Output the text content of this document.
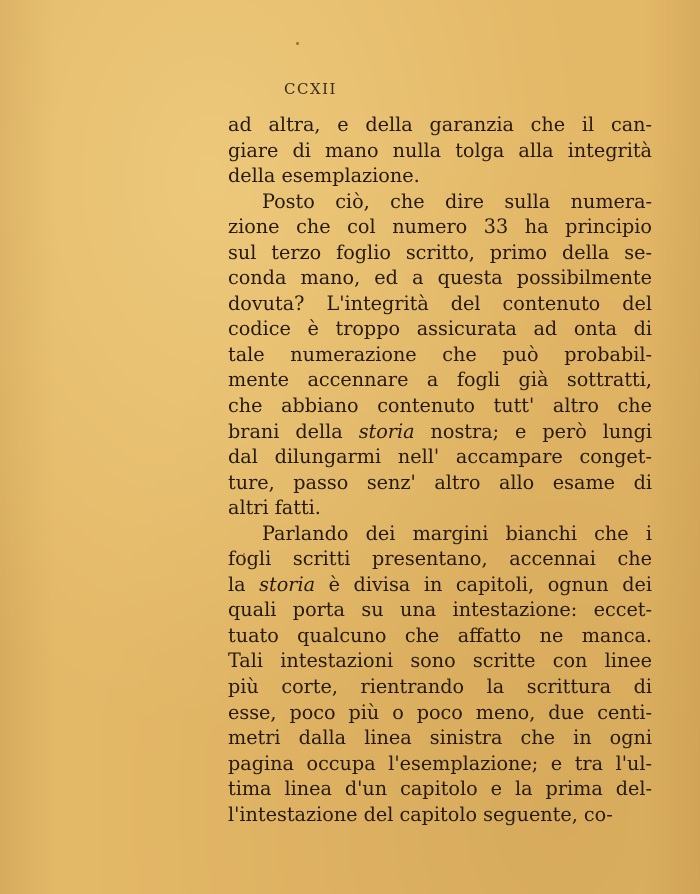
CCXII
ad altra, e della garanzia che il can-
giare di mano nulla tolga alla integrità
della esemplazione.
Posto ciò, che dire sulla numera-
zione che col numero 33 ha principio
sul terzo foglio scritto, primo della se-
conda mano, ed a questa possibilmente
dovuta? L'integrità del contenuto del
codice è troppo assicurata ad onta di
tale numerazione che può probabil-
mente accennare a fogli già sottratti,
che abbiano contenuto tutt' altro che
brani della storia nostra; e però lungi
dal dilungarmi nell' accampare conget-
ture, passo senz' altro allo esame di
altri fatti.
Parlando dei margini bianchi che i
fogli scritti presentano, accennai che
la storia è divisa in capitoli, ognun dei
quali porta su una intestazione: eccet-
tuato qualcuno che affatto ne manca.
Tali intestazioni sono scritte con linee
più corte, rientrando la scrittura di
esse, poco più o poco meno, due centi-
metri dalla linea sinistra che in ogni
pagina occupa l'esemplazione; e tra l'ul-
tima linea d'un capitolo e la prima del-
l'intestazione del capitolo seguente, co-
